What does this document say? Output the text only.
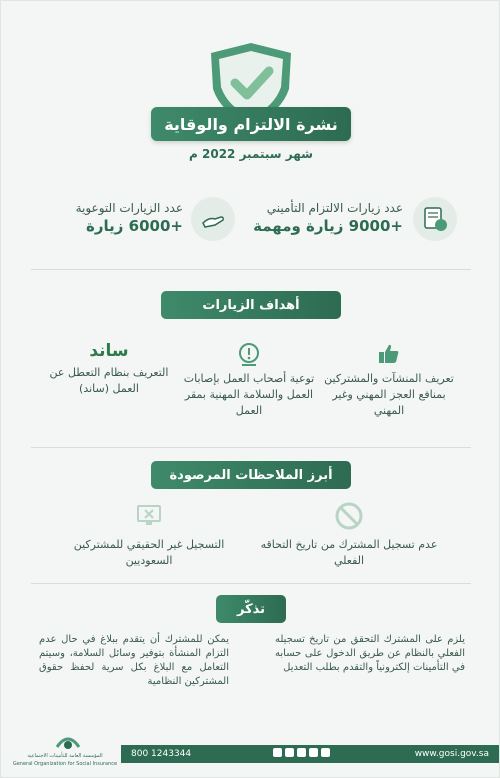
نشرة الالتزام والوقاية
شهر سبتمبر 2022 م
عدد زيارات الالتزام التأميني
+9000 زيارة ومهمة
عدد الزيارات التوعوية
+6000 زيارة
أهداف الزيارات
تعريف المنشآت والمشتركين بمنافع العجز المهني وغير المهني
توعية أصحاب العمل بإصابات العمل والسلامة المهنية بمقر العمل
ساند
التعريف بنظام التعطل عن العمل (ساند)
أبرز الملاحظات المرصودة
عدم تسجيل المشترك من تاريخ التحاقه الفعلي
التسجيل غير الحقيقي للمشتركين السعوديين
تذكّر
يلزم على المشترك التحقق من تاريخ تسجيله الفعلي بالنظام عن طريق الدخول على حسابه في التأمينات إلكترونياً والتقدم بطلب التعديل
يمكن للمشترك أن يتقدم ببلاغ في حال عدم التزام المنشأة بتوفير وسائل السلامة، وسيتم التعامل مع البلاغ بكل سرية لحفظ حقوق المشتركين النظامية
المؤسسة العامة للتأمينات الاجتماعية
General Organization for Social Insurance
800 1243344	www.gosi.gov.sa
